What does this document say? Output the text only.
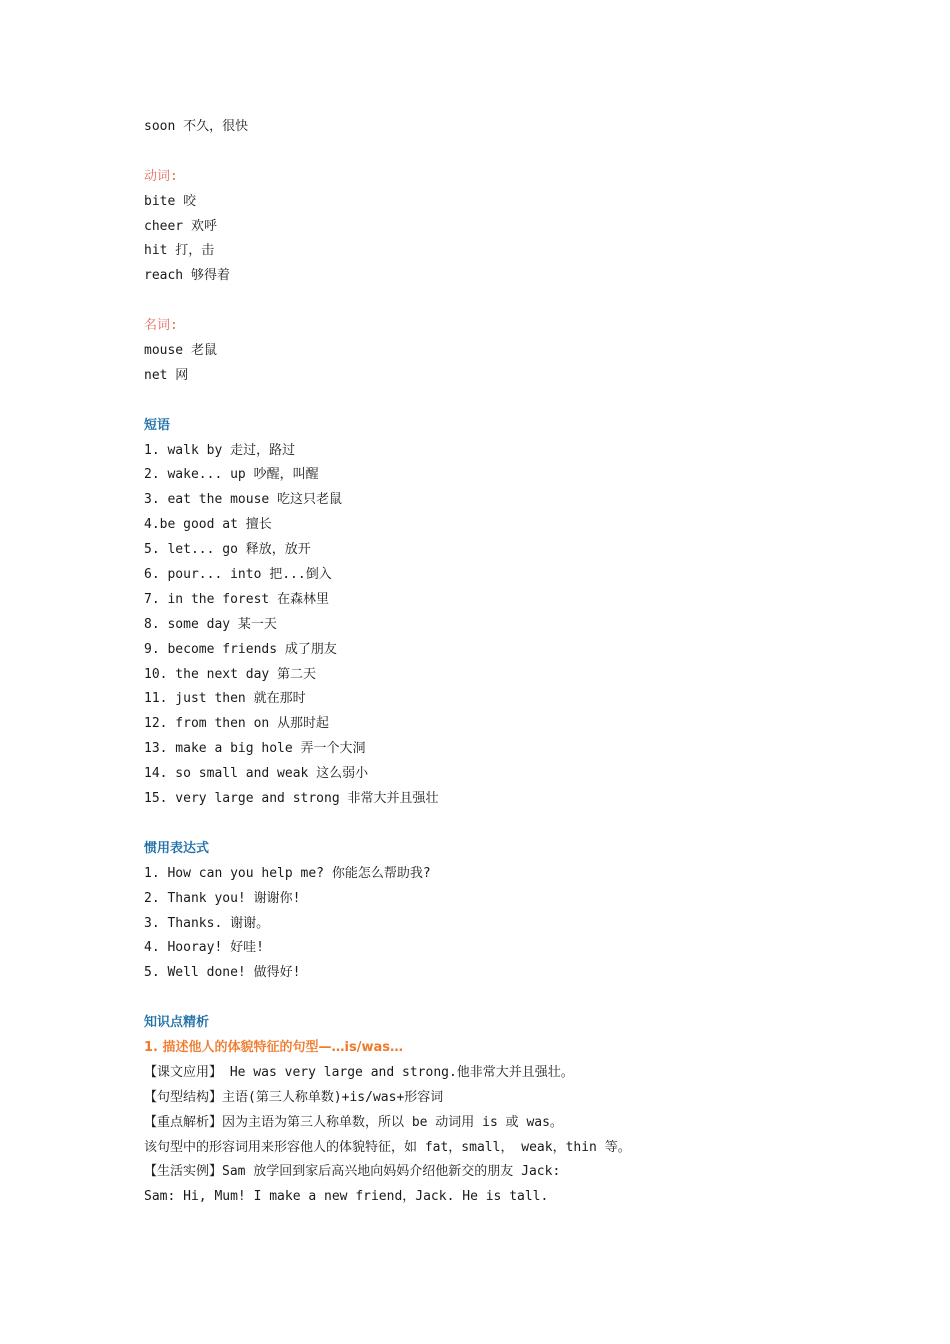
soon 不久，很快
动词:
bite 咬
cheer 欢呼
hit 打，击
reach 够得着
名词:
mouse 老鼠
net 网
短语
1. walk by 走过，路过
2. wake... up 吵醒，叫醒
3. eat the mouse 吃这只老鼠
4.be good at 擅长
5. let... go 释放，放开
6. pour... into 把...倒入
7. in the forest 在森林里
8. some day 某一天
9. become friends 成了朋友
10. the next day 第二天
11. just then 就在那时
12. from then on 从那时起
13. make a big hole 弄一个大洞
14. so small and weak 这么弱小
15. very large and strong 非常大并且强壮
惯用表达式
1. How can you help me? 你能怎么帮助我?
2. Thank you! 谢谢你!
3. Thanks. 谢谢。
4. Hooray! 好哇!
5. Well done! 做得好!
知识点精析
1. 描述他人的体貌特征的句型—…is/was…
【课文应用】 He was very large and strong.他非常大并且强壮。
【句型结构】主语(第三人称单数)+is/was+形容词
【重点解析】因为主语为第三人称单数，所以 be 动词用 is 或 was。
该句型中的形容词用来形容他人的体貌特征，如 fat，small， weak，thin 等。
【生活实例】Sam 放学回到家后高兴地向妈妈介绍他新交的朋友 Jack:
Sam: Hi, Mum! I make a new friend，Jack. He is tall.
